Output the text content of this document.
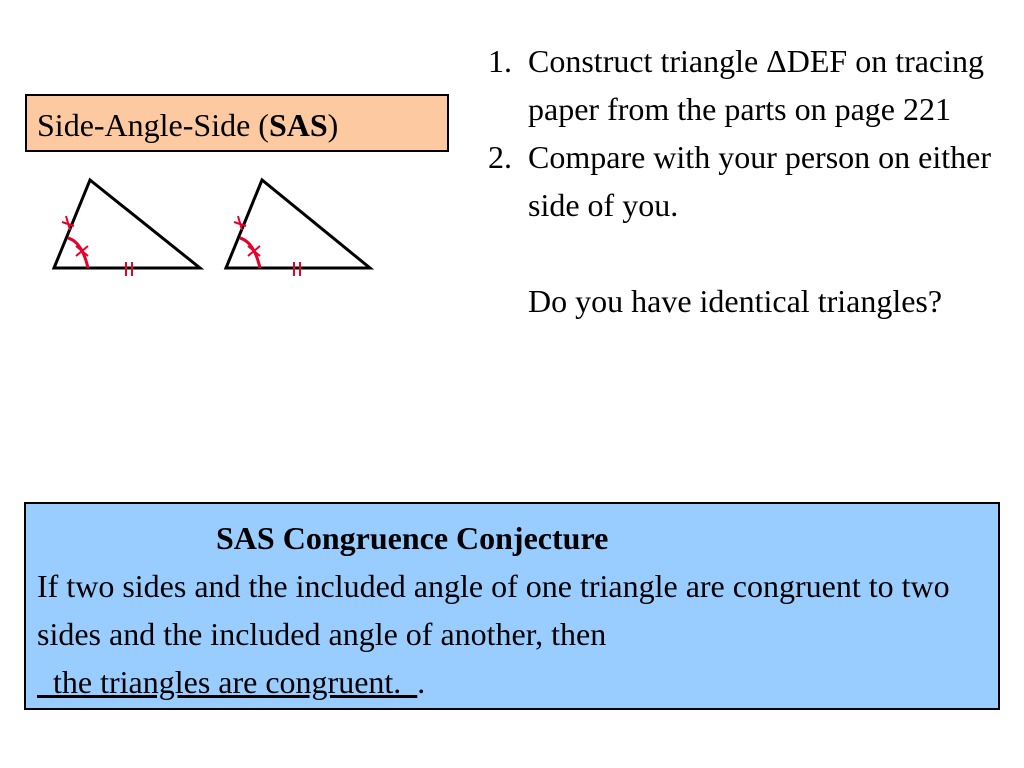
Side-Angle-Side (SAS)
1. Construct triangle ΔDEF on tracing paper from the parts on page 221
2. Compare with your person on either side of you.
Do you have identical triangles?
SAS Congruence Conjecture
If two sides and the included angle of one triangle are congruent to two sides and the included angle of another, then   the triangles are congruent.  .
